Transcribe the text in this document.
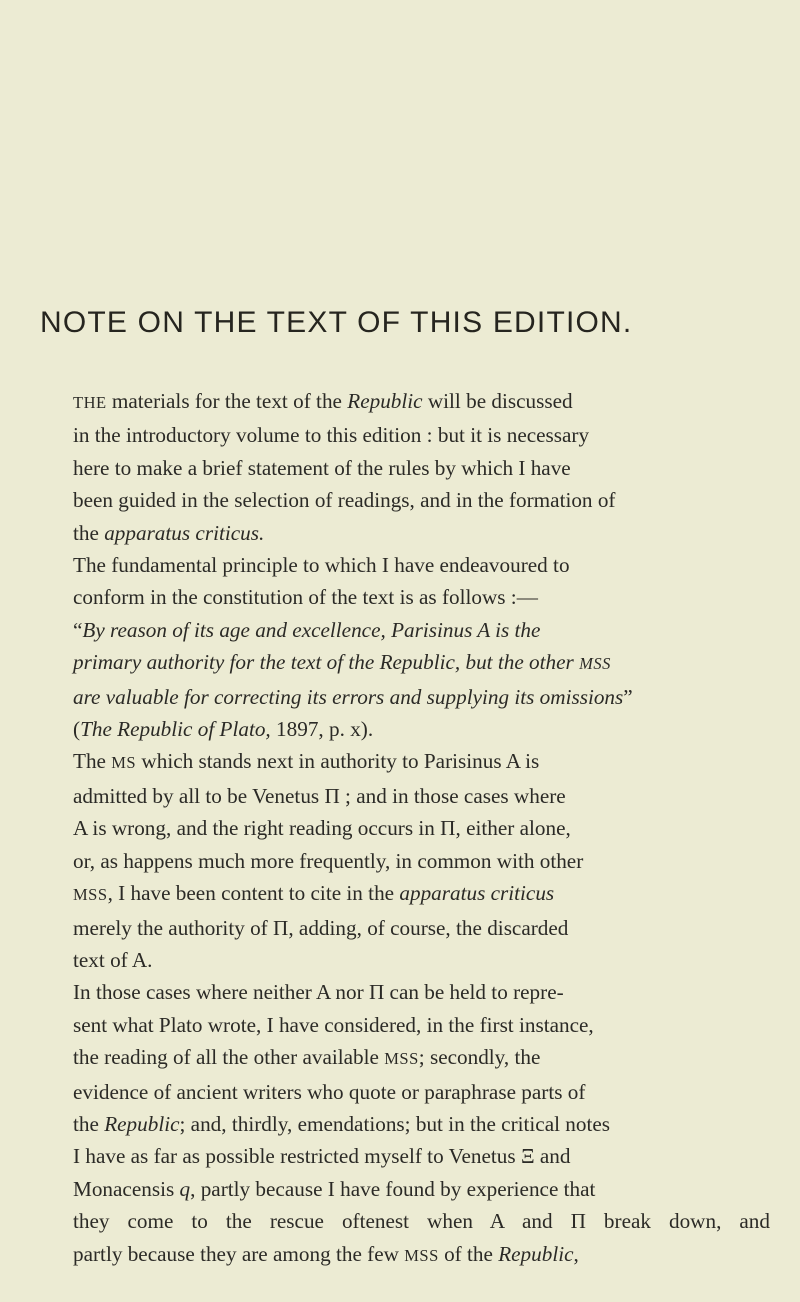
NOTE ON THE TEXT OF THIS EDITION.
THE materials for the text of the Republic will be discussed
in the introductory volume to this edition : but it is necessary
here to make a brief statement of the rules by which I have
been guided in the selection of readings, and in the formation of
the apparatus criticus.
The fundamental principle to which I have endeavoured to
conform in the constitution of the text is as follows :—
“By reason of its age and excellence, Parisinus A is the
primary authority for the text of the Republic, but the other MSS
are valuable for correcting its errors and supplying its omissions”
(The Republic of Plato, 1897, p. x).
The MS which stands next in authority to Parisinus A is
admitted by all to be Venetus Π ; and in those cases where
A is wrong, and the right reading occurs in Π, either alone,
or, as happens much more frequently, in common with other
MSS, I have been content to cite in the apparatus criticus
merely the authority of Π, adding, of course, the discarded
text of A.
In those cases where neither A nor Π can be held to repre-
sent what Plato wrote, I have considered, in the first instance,
the reading of all the other available MSS; secondly, the
evidence of ancient writers who quote or paraphrase parts of
the Republic; and, thirdly, emendations; but in the critical notes
I have as far as possible restricted myself to Venetus Ξ and
Monacensis q, partly because I have found by experience that
they come to the rescue oftenest when A and Π break down, and
partly because they are among the few MSS of the Republic,
